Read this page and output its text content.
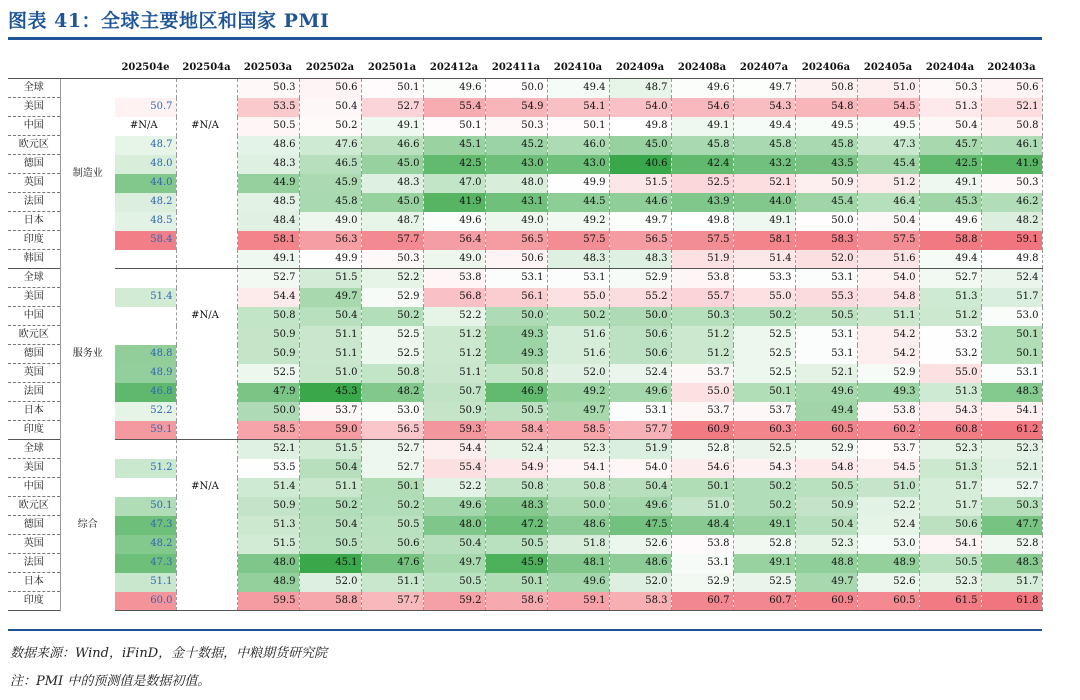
图表 41：全球主要地区和国家 PMI
		202504e	202504a	202503a	202502a	202501a	202412a	202411a	202410a	202409a	202408a	202407a	202406a	202405a	202404a	202403a
全球	制造业			50.3	50.6	50.1	49.6	50.0	49.4	48.7	49.6	49.7	50.8	51.0	50.3	50.6
美国		50.7		53.5	50.4	52.7	55.4	54.9	54.1	54.0	54.6	54.3	54.8	54.5	51.3	52.1
中国		#N/A	#N/A	50.5	50.2	49.1	50.1	50.3	50.1	49.8	49.1	49.4	49.5	49.5	50.4	50.8
欧元区		48.7		48.6	47.6	46.6	45.1	45.2	46.0	45.0	45.8	45.8	45.8	47.3	45.7	46.1
德国		48.0		48.3	46.5	45.0	42.5	43.0	43.0	40.6	42.4	43.2	43.5	45.4	42.5	41.9
英国		44.0		44.9	45.9	48.3	47.0	48.0	49.9	51.5	52.5	52.1	50.9	51.2	49.1	50.3
法国		48.2		48.5	45.8	45.0	41.9	43.1	44.5	44.6	43.9	44.0	45.4	46.4	45.3	46.2
日本		48.5		48.4	49.0	48.7	49.6	49.0	49.2	49.7	49.8	49.1	50.0	50.4	49.6	48.2
印度		58.4		58.1	56.3	57.7	56.4	56.5	57.5	56.5	57.5	58.1	58.3	57.5	58.8	59.1
韩国				49.1	49.9	50.3	49.0	50.6	48.3	48.3	51.9	51.4	52.0	51.6	49.4	49.8
全球	服务业			52.7	51.5	52.2	53.8	53.1	53.1	52.9	53.8	53.3	53.1	54.0	52.7	52.4
美国		51.4		54.4	49.7	52.9	56.8	56.1	55.0	55.2	55.7	55.0	55.3	54.8	51.3	51.7
中国			#N/A	50.8	50.4	50.2	52.2	50.0	50.2	50.0	50.3	50.2	50.5	51.1	51.2	53.0
欧元区				50.9	51.1	52.5	51.2	49.3	51.6	50.6	51.2	52.5	53.1	54.2	53.2	50.1
德国		48.8		50.9	51.1	52.5	51.2	49.3	51.6	50.6	51.2	52.5	53.1	54.2	53.2	50.1
英国		48.9		52.5	51.0	50.8	51.1	50.8	52.0	52.4	53.7	52.5	52.1	52.9	55.0	53.1
法国		46.8		47.9	45.3	48.2	50.7	46.9	49.2	49.6	55.0	50.1	49.6	49.3	51.3	48.3
日本		52.2		50.0	53.7	53.0	50.9	50.5	49.7	53.1	53.7	53.7	49.4	53.8	54.3	54.1
印度		59.1		58.5	59.0	56.5	59.3	58.4	58.5	57.7	60.9	60.3	60.5	60.2	60.8	61.2
全球	综合			52.1	51.5	52.7	54.4	52.4	52.3	51.9	52.8	52.5	52.9	53.7	52.3	52.3
美国		51.2		53.5	50.4	52.7	55.4	54.9	54.1	54.0	54.6	54.3	54.8	54.5	51.3	52.1
中国			#N/A	51.4	51.1	50.1	52.2	50.8	50.8	50.4	50.1	50.2	50.5	51.0	51.7	52.7
欧元区		50.1		50.9	50.2	50.2	49.6	48.3	50.0	49.6	51.0	50.2	50.9	52.2	51.7	50.3
德国		47.3		51.3	50.4	50.5	48.0	47.2	48.6	47.5	48.4	49.1	50.4	52.4	50.6	47.7
英国		48.2		51.5	50.5	50.6	50.4	50.5	51.8	52.6	53.8	52.8	52.3	53.0	54.1	52.8
法国		47.3		48.0	45.1	47.6	49.7	45.9	48.1	48.6	53.1	49.1	48.8	48.9	50.5	48.3
日本		51.1		48.9	52.0	51.1	50.5	50.1	49.6	52.0	52.9	52.5	49.7	52.6	52.3	51.7
印度		60.0		59.5	58.8	57.7	59.2	58.6	59.1	58.3	60.7	60.7	60.9	60.5	61.5	61.8
数据来源：Wind，iFinD，金十数据，中粮期货研究院
注：PMI 中的预测值是数据初值。
